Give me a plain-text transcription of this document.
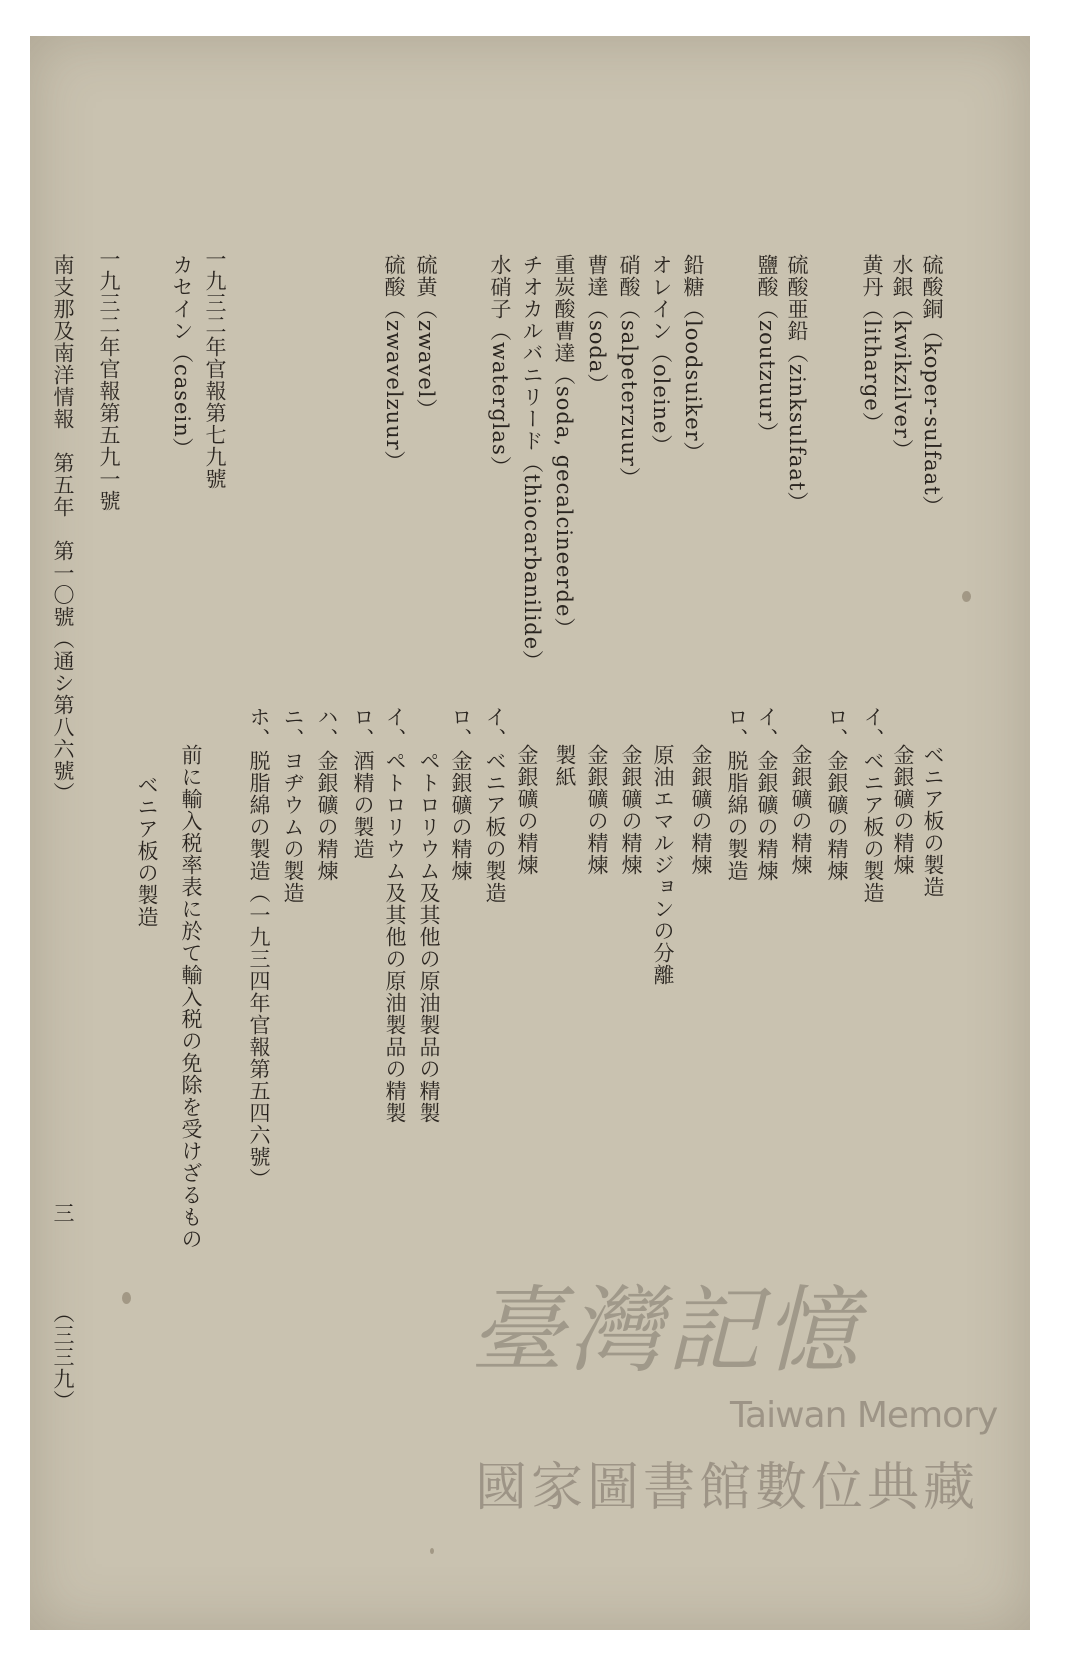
硫酸銅（koper-sulfaat）
水銀（kwikzilver）
黄丹（litharge）
硫酸亜鉛（zinksulfaat）
鹽酸（zoutzuur）
鉛糖（loodsuiker）
オレイン（oleine）
硝酸（salpeterzuur）
曹達（soda）
重炭酸曹達（soda, gecalcineerde）
チオカルバニリード（thiocarbanilide）
水硝子（waterglas）
硫黄（zwavel）
硫酸（zwavelzuur）
一九三二年官報第七九號
カセイン（casein）
一九三二年官報第五九一號
南支那及南洋情報　第五年　第一〇號（通シ第八六號）
ベニア板の製造
金銀礦の精煉
イ、ベニア板の製造
ロ、金銀礦の精煉
金銀礦の精煉
イ、金銀礦の精煉
ロ、脱脂綿の製造
金銀礦の精煉
原油エマルジョンの分離
金銀礦の精煉
金銀礦の精煉
製紙
金銀礦の精煉
イ、ベニア板の製造
ロ、金銀礦の精煉
ペトロリウム及其他の原油製品の精製
イ、ペトロリウム及其他の原油製品の精製
ロ、酒精の製造
ハ、金銀礦の精煉
ニ、ヨヂウムの製造
ホ、脱脂綿の製造（一九三四年官報第五四六號）
前に輸入税率表に於て輸入税の免除を受けざるもの
ベニア板の製造
三
（三三九）	臺灣記憶
Taiwan Memory
國家圖書館數位典藏
